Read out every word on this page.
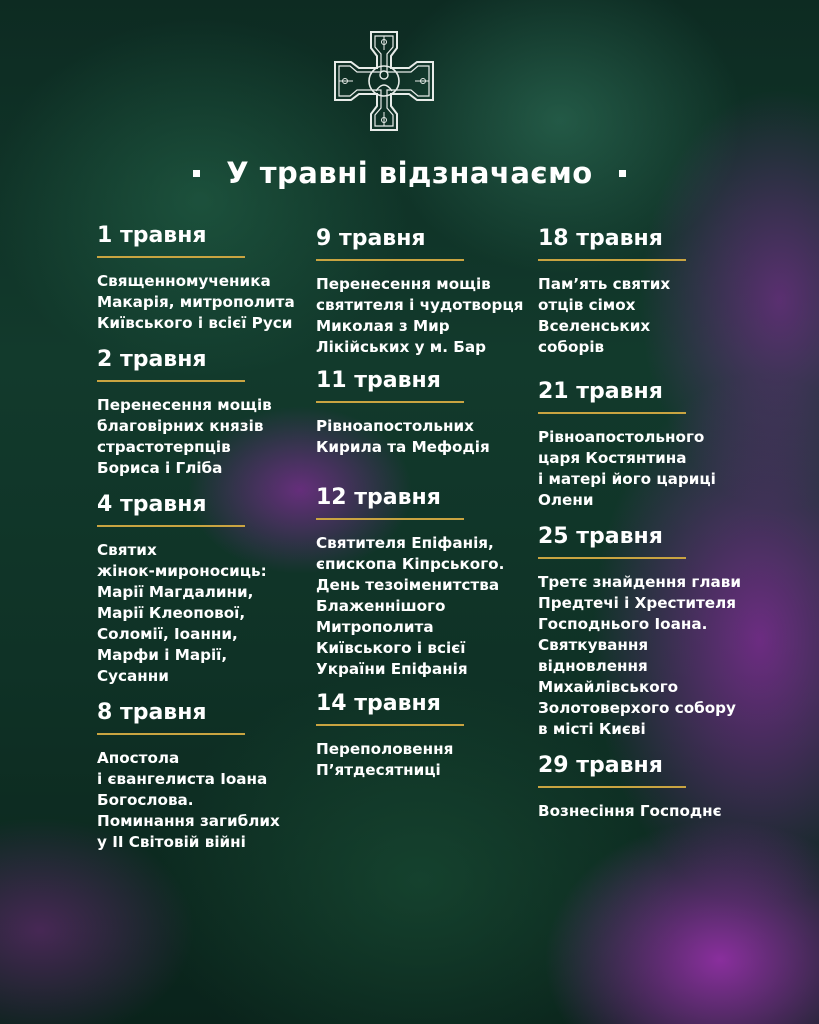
У травні відзначаємо
1 травня
Священномученика
Макарія, митрополита
Київського і всієї Руси
2 травня
Перенесення мощів
благовірних князів
страстотерпців
Бориса і Гліба
4 травня
Святих
жінок-мироносиць:
Марії Магдалини,
Марії Клеопової,
Соломії, Іоанни,
Марфи і Марії,
Сусанни
8 травня
Апостола
і євангелиста Іоана
Богослова.
Поминання загиблих
у ІІ Світовій війні
9 травня
Перенесення мощів
святителя і чудотворця
Миколая з Мир
Лікійських у м. Бар
11 травня
Рівноапостольних
Кирила та Мефодія
12 травня
Святителя Епіфанія,
єпископа Кіпрського.
День тезоіменитства
Блаженнішого
Митрополита
Київського і всієї
України Епіфанія
14 травня
Переполовення
П’ятдесятниці
18 травня
Пам’ять святих
отців сімох
Вселенських
соборів
21 травня
Рівноапостольного
царя Костянтина
і матері його цариці
Олени
25 травня
Третє знайдення глави
Предтечі і Хрестителя
Господнього Іоана.
Святкування
відновлення
Михайлівського
Золотоверхого собору
в місті Києві
29 травня
Вознесіння Господнє
